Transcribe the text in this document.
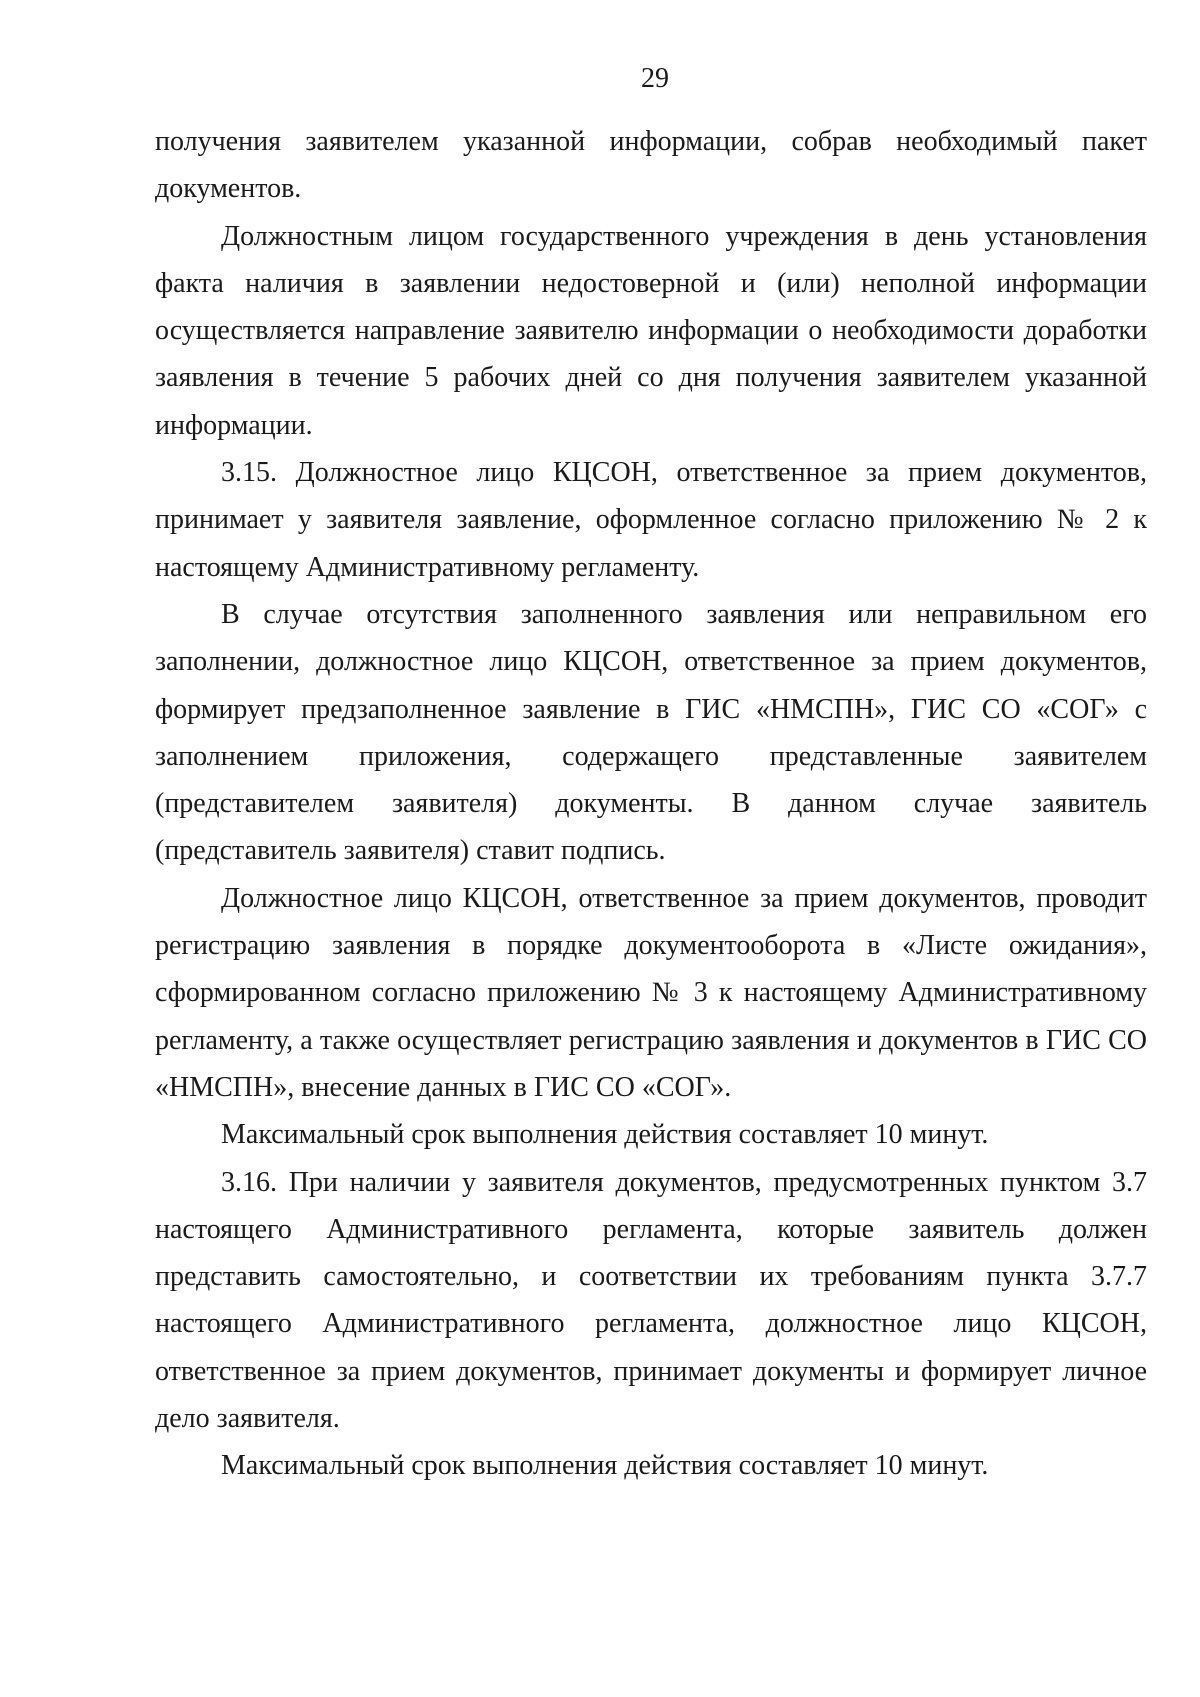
29

получения заявителем указанной информации, собрав необходимый пакет документов.

Должностным лицом государственного учреждения в день установления факта наличия в заявлении недостоверной и (или) неполной информации осуществляется направление заявителю информации о необходимости доработки заявления в течение 5 рабочих дней со дня получения заявителем указанной информации.

3.15. Должностное лицо КЦСОН, ответственное за прием документов, принимает у заявителя заявление, оформленное согласно приложению № 2 к настоящему Административному регламенту.

В случае отсутствия заполненного заявления или неправильном его заполнении, должностное лицо КЦСОН, ответственное за прием документов, формирует предзаполненное заявление в ГИС «НМСПН», ГИС СО «СОГ» с заполнением приложения, содержащего представленные заявителем (представителем заявителя) документы. В данном случае заявитель (представитель заявителя) ставит подпись.

Должностное лицо КЦСОН, ответственное за прием документов, проводит регистрацию заявления в порядке документооборота в «Листе ожидания», сформированном согласно приложению № 3 к настоящему Административному регламенту, а также осуществляет регистрацию заявления и документов в ГИС СО «НМСПН», внесение данных в ГИС СО «СОГ».

Максимальный срок выполнения действия составляет 10 минут.

3.16. При наличии у заявителя документов, предусмотренных пунктом 3.7 настоящего Административного регламента, которые заявитель должен представить самостоятельно, и соответствии их требованиям пункта 3.7.7 настоящего Административного регламента, должностное лицо КЦСОН, ответственное за прием документов, принимает документы и формирует личное дело заявителя.

Максимальный срок выполнения действия составляет 10 минут.
